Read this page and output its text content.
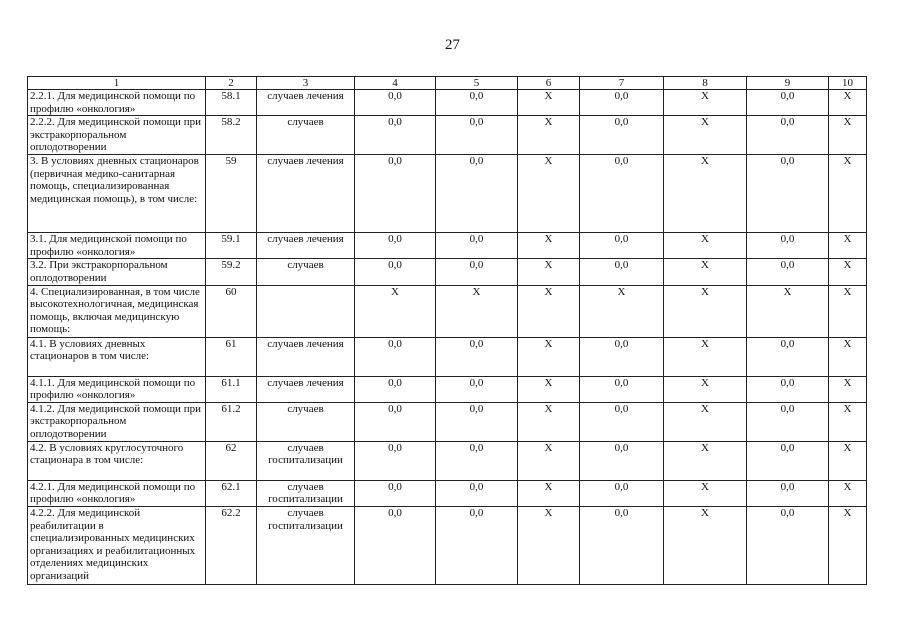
27
1	2	3	4	5	6	7	8	9	10
2.2.1. Для медицинской помощи по профилю «онкология»	58.1	случаев лечения	0,0	0,0	X	0,0	X	0,0	X
2.2.2. Для медицинской помощи при экстракорпоральном оплодотворении	58.2	случаев	0,0	0,0	X	0,0	X	0,0	X
3. В условиях дневных стационаров (первичная медико-санитарная помощь, специализированная медицинская помощь), в том числе:	59	случаев лечения	0,0	0,0	X	0,0	X	0,0	X
3.1. Для медицинской помощи по профилю «онкология»	59.1	случаев лечения	0,0	0,0	X	0,0	X	0,0	X
3.2. При экстракорпоральном оплодотворении	59.2	случаев	0,0	0,0	X	0,0	X	0,0	X
4. Специализированная, в том числе высокотехнологичная, медицинская помощь, включая медицинскую помощь:	60		X	X	X	X	X	X	X
4.1. В условиях дневных стационаров в том числе:	61	случаев лечения	0,0	0,0	X	0,0	X	0,0	X
4.1.1. Для медицинской помощи по профилю «онкология»	61.1	случаев лечения	0,0	0,0	X	0,0	X	0,0	X
4.1.2. Для медицинской помощи при экстракорпоральном оплодотворении	61.2	случаев	0,0	0,0	X	0,0	X	0,0	X
4.2. В условиях круглосуточного стационара в том числе:	62	случаев госпитализации	0,0	0,0	X	0,0	X	0,0	X
4.2.1. Для медицинской помощи по профилю «онкология»	62.1	случаев госпитализации	0,0	0,0	X	0,0	X	0,0	X
4.2.2. Для медицинской реабилитации в специализированных медицинских организациях и реабилитационных отделениях медицинских организаций	62.2	случаев госпитализации	0,0	0,0	X	0,0	X	0,0	X
